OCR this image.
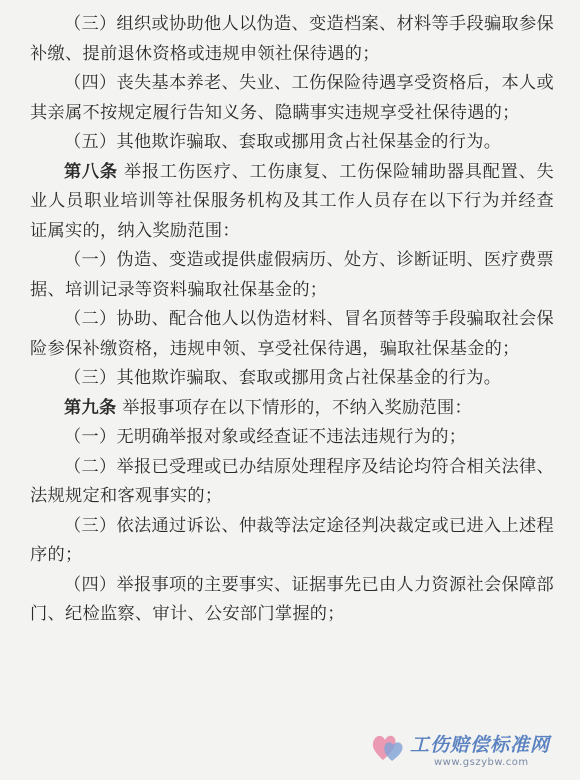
（三）组织或协助他人以伪造、变造档案、材料等手段骗取参保补缴、提前退休资格或违规申领社保待遇的；

（四）丧失基本养老、失业、工伤保险待遇享受资格后，本人或其亲属不按规定履行告知义务、隐瞒事实违规享受社保待遇的；

（五）其他欺诈骗取、套取或挪用贪占社保基金的行为。

第八条 举报工伤医疗、工伤康复、工伤保险辅助器具配置、失业人员职业培训等社保服务机构及其工作人员存在以下行为并经查证属实的，纳入奖励范围：

（一）伪造、变造或提供虚假病历、处方、诊断证明、医疗费票据、培训记录等资料骗取社保基金的；

（二）协助、配合他人以伪造材料、冒名顶替等手段骗取社会保险参保补缴资格，违规申领、享受社保待遇，骗取社保基金的；

（三）其他欺诈骗取、套取或挪用贪占社保基金的行为。

第九条 举报事项存在以下情形的，不纳入奖励范围：

（一）无明确举报对象或经查证不违法违规行为的；

（二）举报已受理或已办结原处理程序及结论均符合相关法律、法规规定和客观事实的；

（三）依法通过诉讼、仲裁等法定途径判决裁定或已进入上述程序的；

（四）举报事项的主要事实、证据事先已由人力资源社会保障部门、纪检监察、审计、公安部门掌握的；

工伤赔偿标准网
www.gszybw.com
